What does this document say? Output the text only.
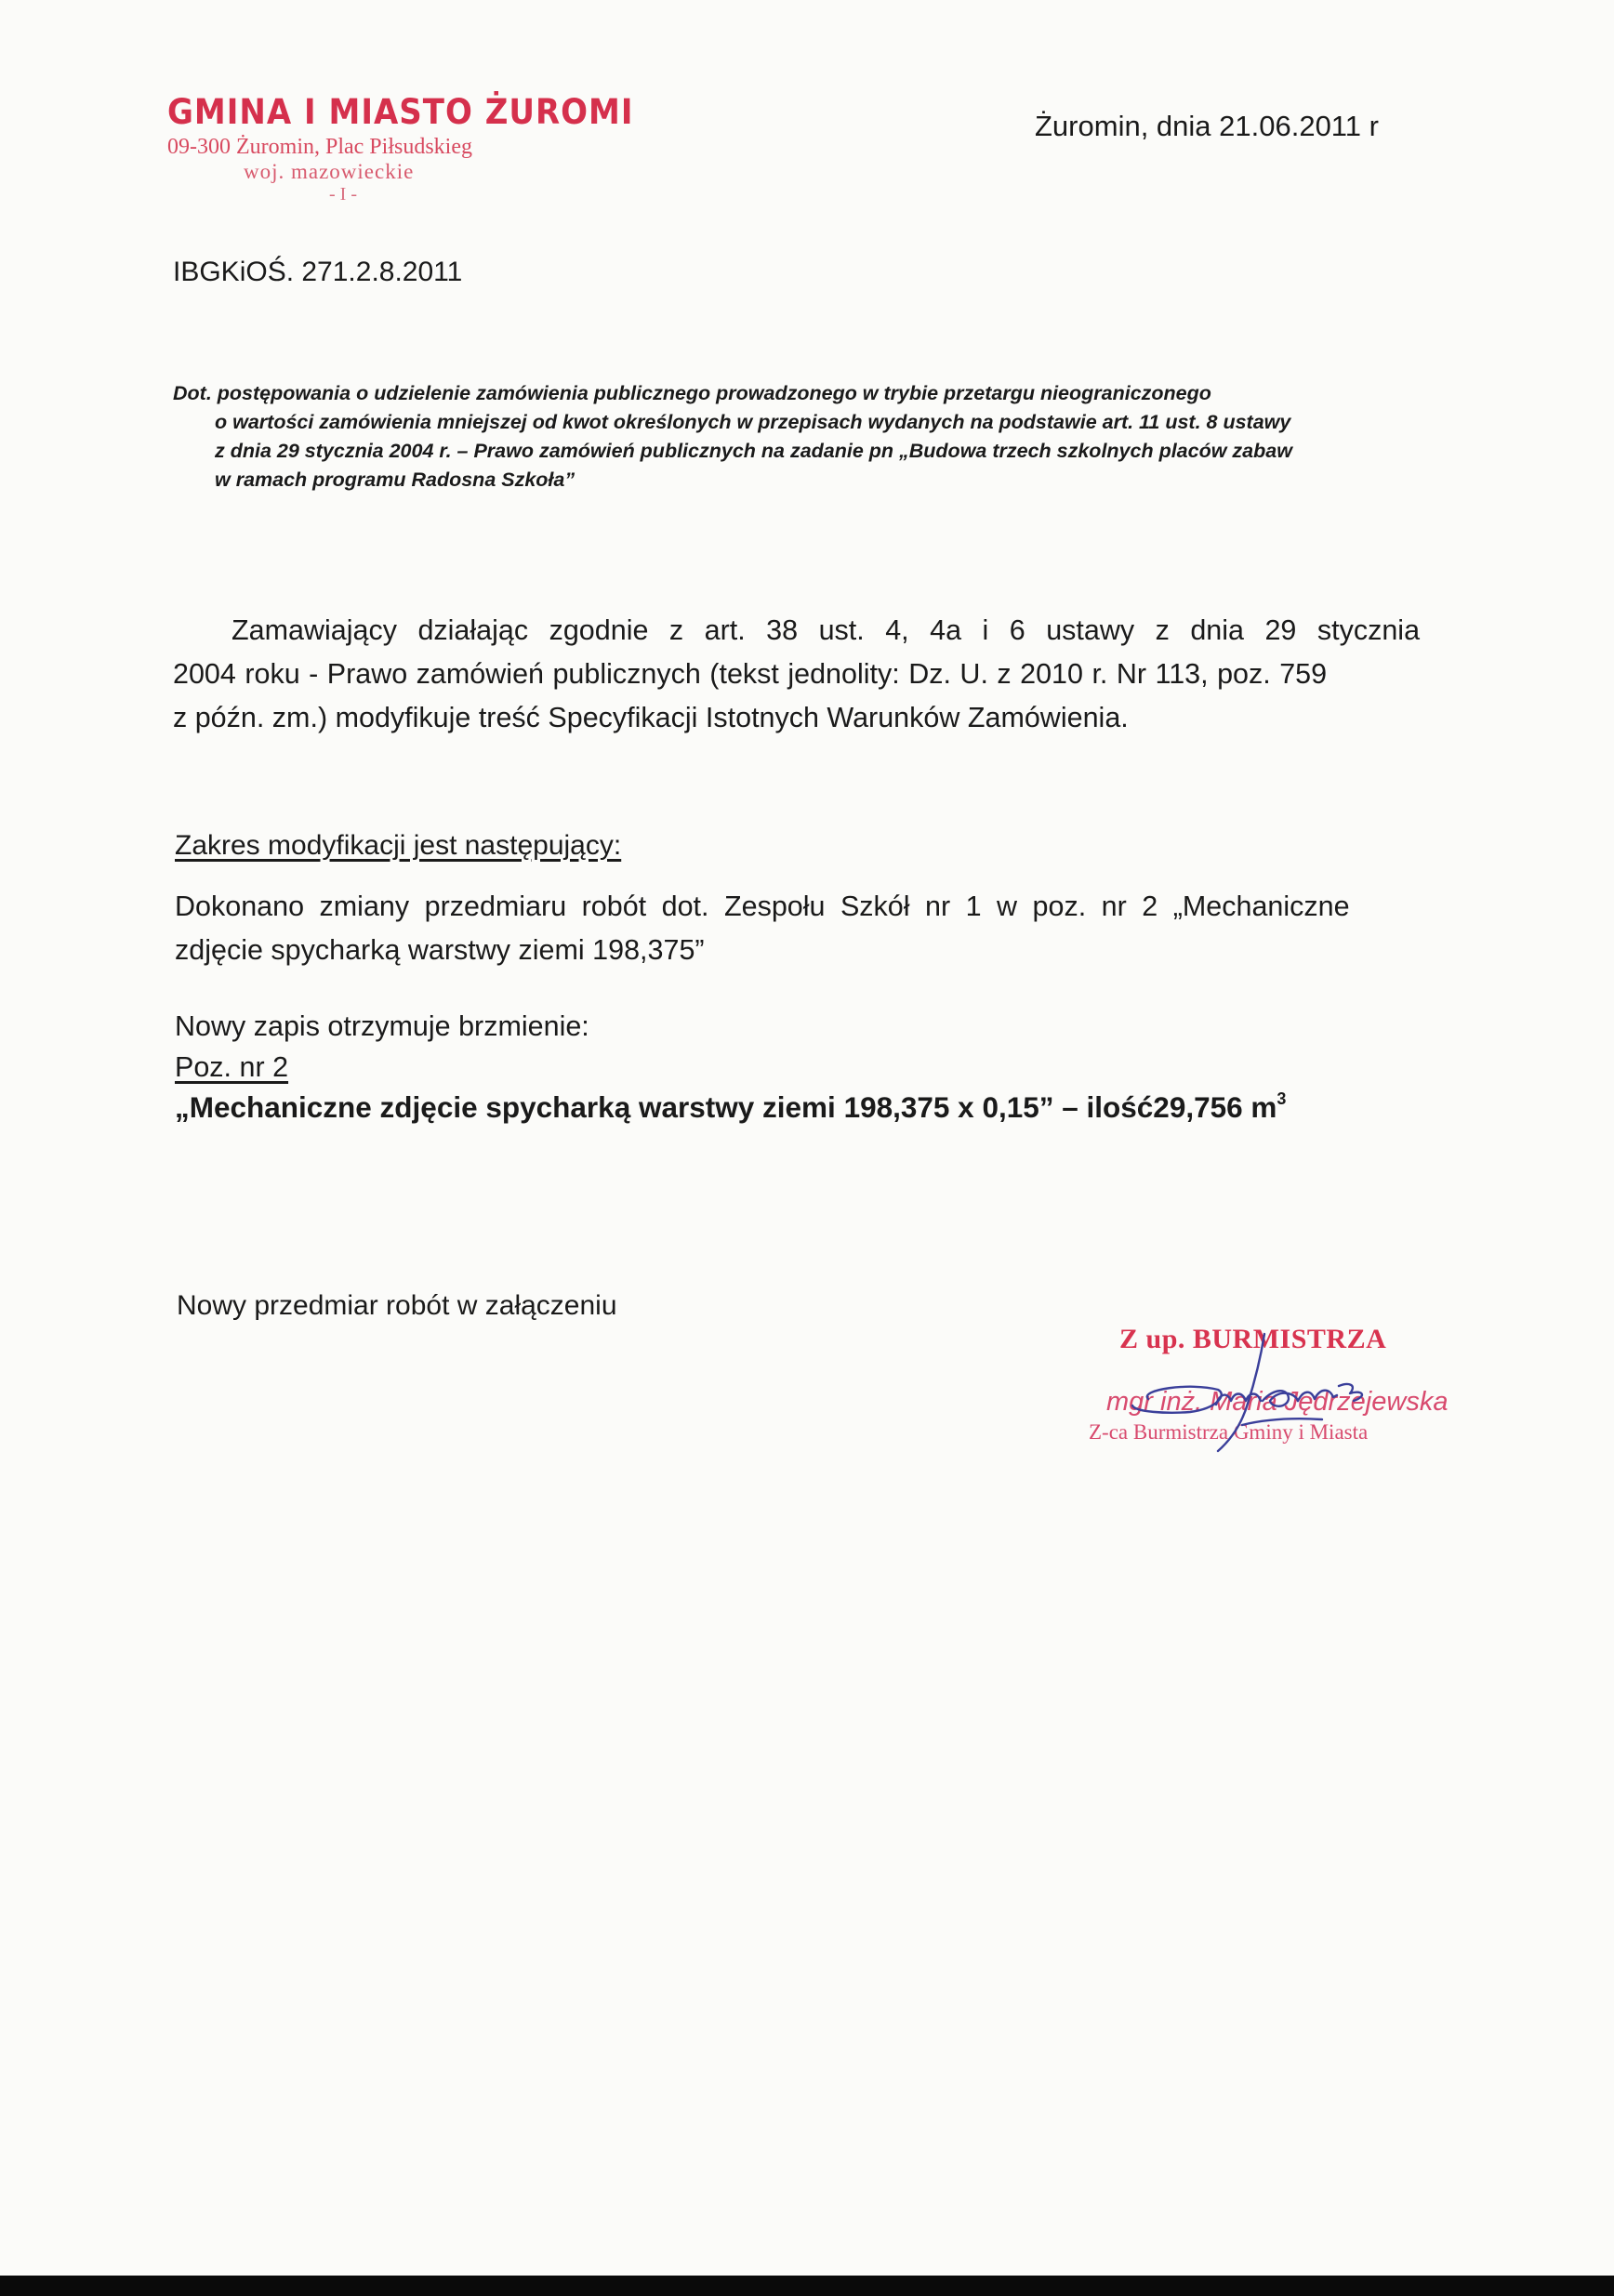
GMINA I MIASTO ŻUROMI
09-300 Żuromin, Plac Piłsudskieg
woj. mazowieckie
- I -
Żuromin, dnia 21.06.2011 r
IBGKiOŚ. 271.2.8.2011
Dot. postępowania o udzielenie zamówienia publicznego prowadzonego w trybie przetargu nieograniczonego
o wartości zamówienia mniejszej od kwot określonych w przepisach wydanych na podstawie art. 11 ust. 8 ustawy
z dnia 29 stycznia 2004 r. – Prawo zamówień publicznych na zadanie pn „Budowa trzech szkolnych placów zabaw
w ramach programu Radosna Szkoła”
Zamawiający działając zgodnie z art. 38 ust. 4, 4a i 6 ustawy z dnia 29 stycznia
2004 roku - Prawo zamówień publicznych (tekst jednolity: Dz. U. z 2010 r. Nr 113, poz. 759
z późn. zm.) modyfikuje treść Specyfikacji Istotnych Warunków Zamówienia.
Zakres modyfikacji jest następujący:
Dokonano zmiany przedmiaru robót dot. Zespołu Szkół nr 1 w poz. nr 2 „Mechaniczne
zdjęcie spycharką warstwy ziemi 198,375”
Nowy zapis otrzymuje brzmienie:
Poz. nr 2
„Mechaniczne zdjęcie spycharką warstwy ziemi 198,375 x 0,15” – ilość29,756 $m^3$
Nowy przedmiar robót w załączeniu
Z up. BURMISTRZA
mgr inż. Maria Jędrzejewska
Z-ca Burmistrza Gminy i Miasta
